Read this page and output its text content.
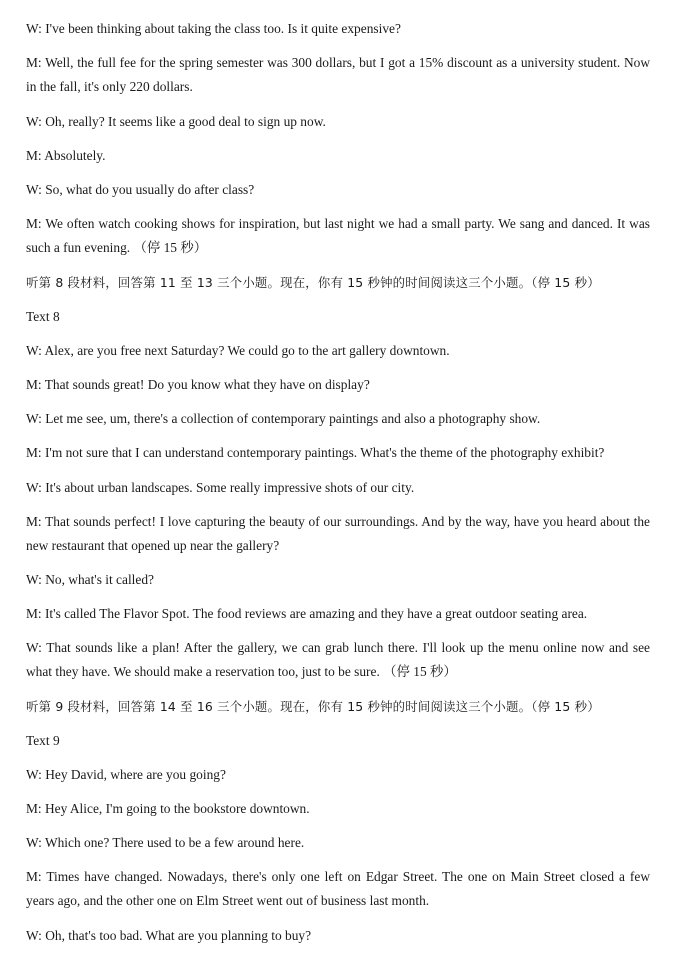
W: I've been thinking about taking the class too. Is it quite expensive?

M: Well, the full fee for the spring semester was 300 dollars, but I got a 15% discount as a university student. Now in the fall, it's only 220 dollars.

W: Oh, really? It seems like a good deal to sign up now.

M: Absolutely.

W: So, what do you usually do after class?

M: We often watch cooking shows for inspiration, but last night we had a small party. We sang and danced. It was such a fun evening. （停 15 秒）

听第 8 段材料，回答第 11 至 13 三个小题。现在，你有 15 秒钟的时间阅读这三个小题。（停 15 秒）

Text 8

W: Alex, are you free next Saturday? We could go to the art gallery downtown.

M: That sounds great! Do you know what they have on display?

W: Let me see, um, there's a collection of contemporary paintings and also a photography show.

M: I'm not sure that I can understand contemporary paintings. What's the theme of the photography exhibit?

W: It's about urban landscapes. Some really impressive shots of our city.

M: That sounds perfect! I love capturing the beauty of our surroundings. And by the way, have you heard about the new restaurant that opened up near the gallery?

W: No, what's it called?

M: It's called The Flavor Spot. The food reviews are amazing and they have a great outdoor seating area.

W: That sounds like a plan! After the gallery, we can grab lunch there. I'll look up the menu online now and see what they have. We should make a reservation too, just to be sure. （停 15 秒）

听第 9 段材料，回答第 14 至 16 三个小题。现在，你有 15 秒钟的时间阅读这三个小题。（停 15 秒）

Text 9

W: Hey David, where are you going?

M: Hey Alice, I'm going to the bookstore downtown.

W: Which one? There used to be a few around here.

M: Times have changed. Nowadays, there's only one left on Edgar Street. The one on Main Street closed a few years ago, and the other one on Elm Street went out of business last month.

W: Oh, that's too bad. What are you planning to buy?
